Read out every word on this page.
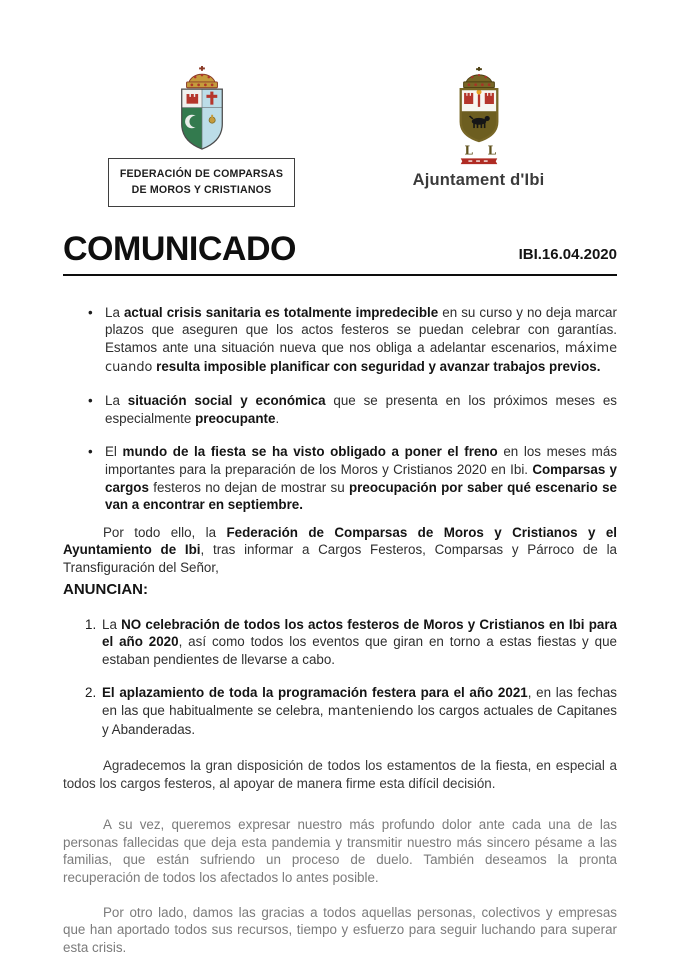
FEDERACIÓN DE COMPARSAS
DE MOROS Y CRISTIANOS
L L
Ajuntament d'Ibi
COMUNICADO	IBI.16.04.2020
• La actual crisis sanitaria es totalmente impredecible en su curso y no deja marcar plazos que aseguren que los actos festeros se puedan celebrar con garantías. Estamos ante una situación nueva que nos obliga a adelantar escenarios, máxime cuando resulta imposible planificar con seguridad y avanzar trabajos previos.
• La situación social y económica que se presenta en los próximos meses es especialmente preocupante.
• El mundo de la fiesta se ha visto obligado a poner el freno en los meses más importantes para la preparación de los Moros y Cristianos 2020 en Ibi. Comparsas y cargos festeros no dejan de mostrar su preocupación por saber qué escenario se van a encontrar en septiembre.

Por todo ello, la Federación de Comparsas de Moros y Cristianos y el Ayuntamiento de Ibi, tras informar a Cargos Festeros, Comparsas y Párroco de la Transfiguración del Señor,

ANUNCIAN:

1. La NO celebración de todos los actos festeros de Moros y Cristianos en Ibi para el año 2020, así como todos los eventos que giran en torno a estas fiestas y que estaban pendientes de llevarse a cabo.
2. El aplazamiento de toda la programación festera para el año 2021, en las fechas en las que habitualmente se celebra, manteniendo los cargos actuales de Capitanes y Abanderadas.

Agradecemos la gran disposición de todos los estamentos de la fiesta, en especial a todos los cargos festeros, al apoyar de manera firme esta difícil decisión.

A su vez, queremos expresar nuestro más profundo dolor ante cada una de las personas fallecidas que deja esta pandemia y transmitir nuestro más sincero pésame a las familias, que están sufriendo un proceso de duelo. También deseamos la pronta recuperación de todos los afectados lo antes posible.

Por otro lado, damos las gracias a todos aquellas personas, colectivos y empresas que han aportado todos sus recursos, tiempo y esfuerzo para seguir luchando para superar esta crisis.
